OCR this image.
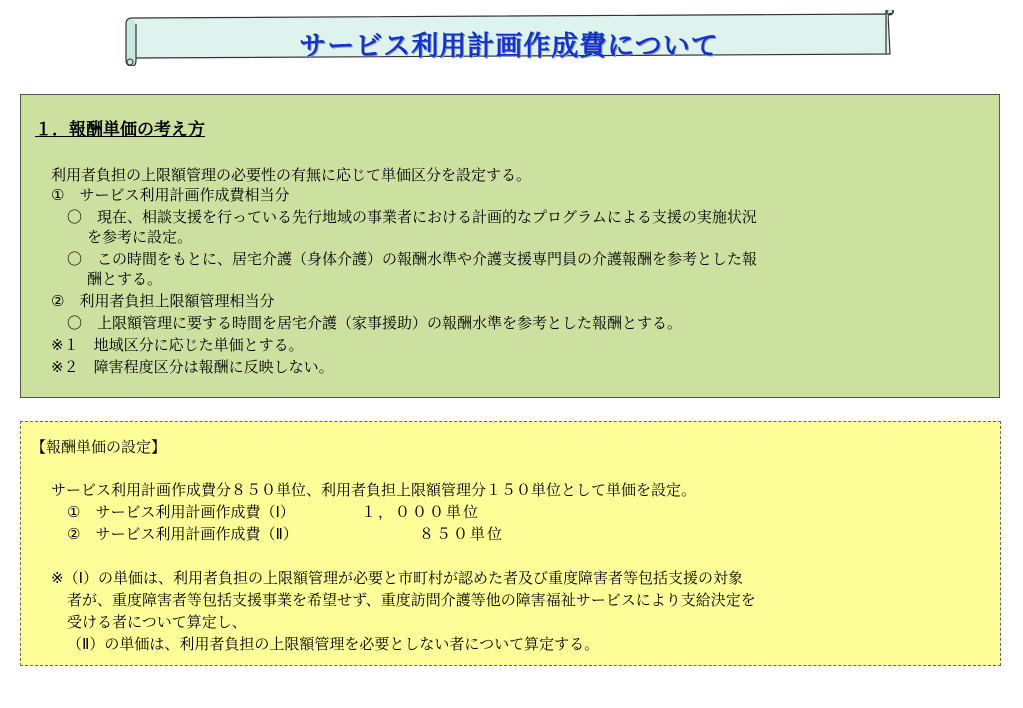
サービス利用計画作成費について
１．報酬単価の考え方
利用者負担の上限額管理の必要性の有無に応じて単価区分を設定する。
①　サービス利用計画作成費相当分
〇　現在、相談支援を行っている先行地域の事業者における計画的なプログラムによる支援の実施状況
を参考に設定。
〇　この時間をもとに、居宅介護（身体介護）の報酬水準や介護支援専門員の介護報酬を参考とした報
酬とする。
②　利用者負担上限額管理相当分
〇　上限額管理に要する時間を居宅介護（家事援助）の報酬水準を参考とした報酬とする。
※１　地域区分に応じた単価とする。
※２　障害程度区分は報酬に反映しない。
【報酬単価の設定】
サービス利用計画作成費分８５０単位、利用者負担上限額管理分１５０単位として単価を設定。
①　サービス利用計画作成費（Ⅰ）	１，０００単位
②　サービス利用計画作成費（Ⅱ）	８５０単位
※（Ⅰ）の単価は、利用者負担の上限額管理が必要と市町村が認めた者及び重度障害者等包括支援の対象
者が、重度障害者等包括支援事業を希望せず、重度訪問介護等他の障害福祉サービスにより支給決定を
受ける者について算定し、
（Ⅱ）の単価は、利用者負担の上限額管理を必要としない者について算定する。
